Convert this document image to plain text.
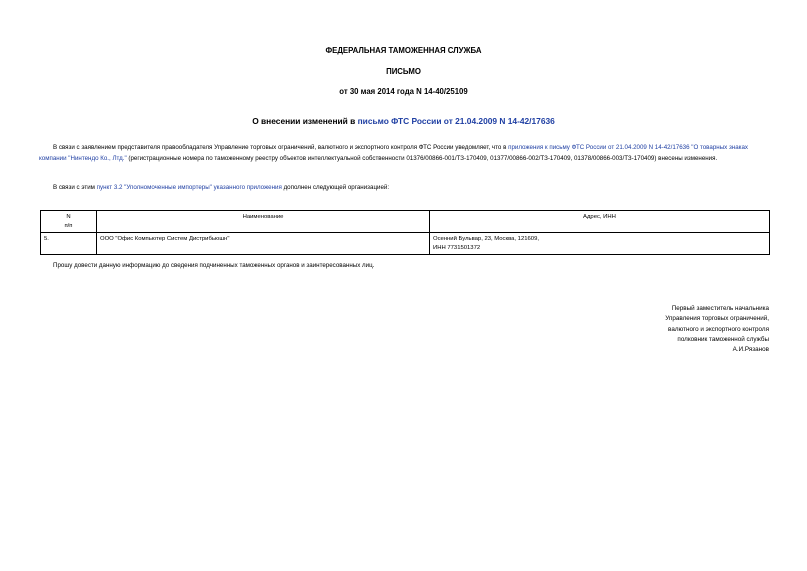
ФЕДЕРАЛЬНАЯ ТАМОЖЕННАЯ СЛУЖБА
ПИСЬМО
от 30 мая 2014 года N 14-40/25109
О внесении изменений в письмо ФТС России от 21.04.2009 N 14-42/17636

В связи с заявлением представителя правообладателя Управление торговых ограничений, валютного и экспортного контроля ФТС России уведомляет, что в приложения к письму ФТС России от 21.04.2009 N 14-42/17636 "О товарных знаках компании "Нинтендо Ко., Лтд." (регистрационные номера по таможенному реестру объектов интеллектуальной собственности 01376/00866-001/ТЗ-170409, 01377/00866-002/ТЗ-170409, 01378/00866-003/ТЗ-170409) внесены изменения.

В связи с этим пункт 3.2 "Уполномоченные импортеры" указанного приложения дополнен следующей организацией:

N
п/п	Наименование	Адрес, ИНН
5.	ООО "Офис Компьютер Систем Дистрибьюшн"	Осенний Бульвар, 23, Москва, 121609,
ИНН 7731501372

Прошу довести данную информацию до сведения подчиненных таможенных органов и заинтересованных лиц.

Первый заместитель начальника
Управления торговых ограничений,
валютного и экспортного контроля
полковник таможенной службы
А.И.Рязанов
